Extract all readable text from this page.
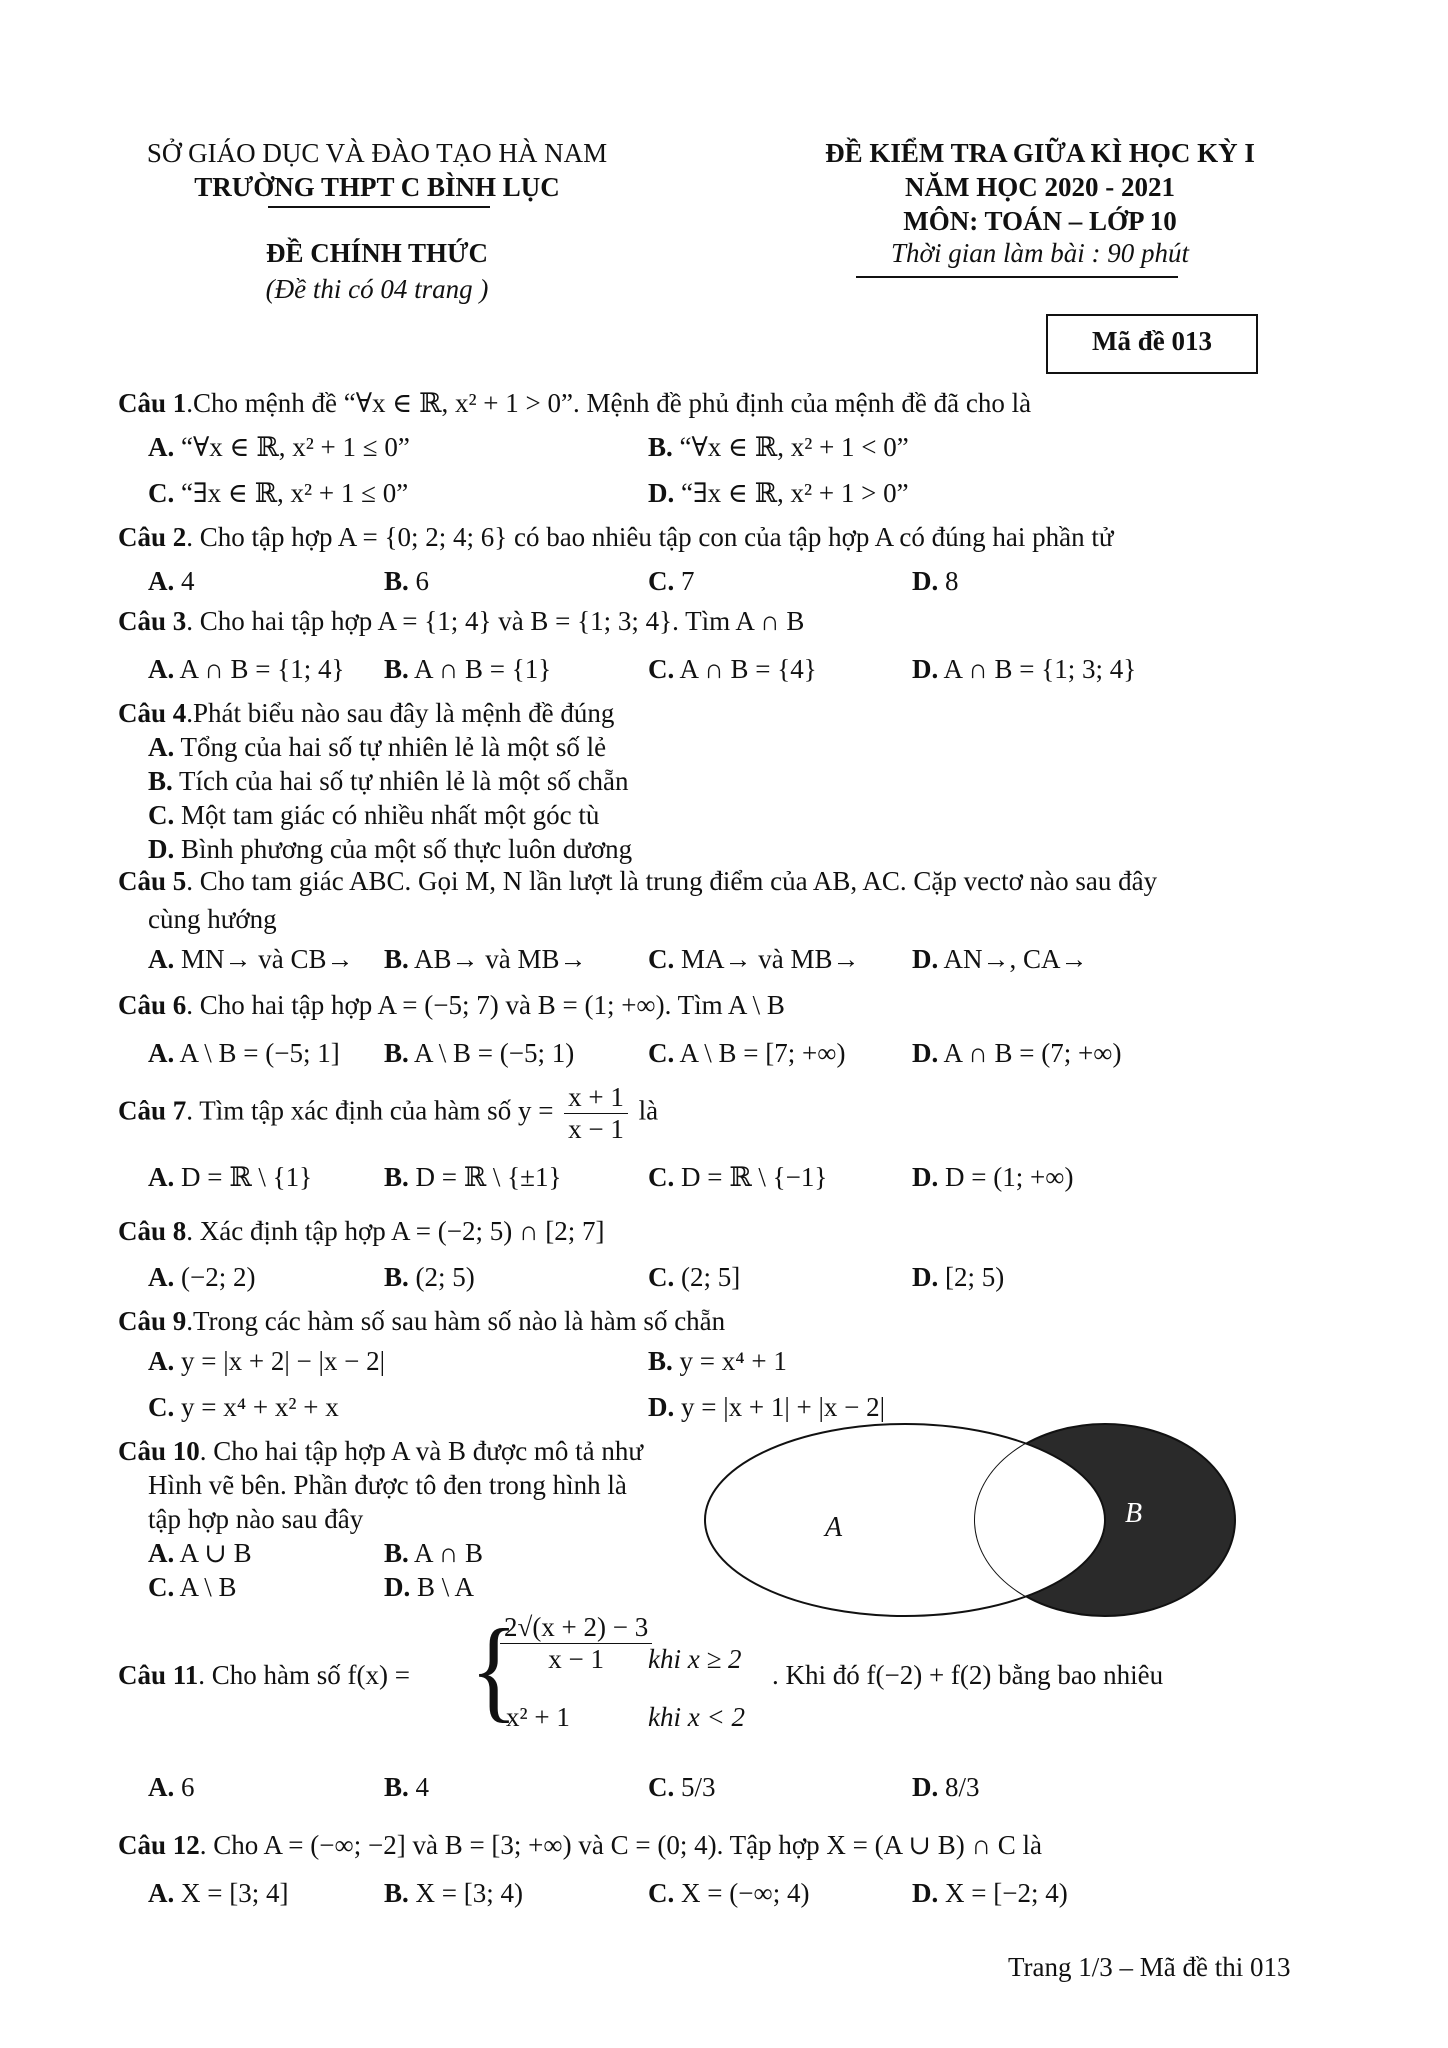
SỞ GIÁO DỤC VÀ ĐÀO TẠO HÀ NAM
TRƯỜNG THPT C BÌNH LỤC
ĐỀ CHÍNH THỨC
(Đề thi có 04 trang )
ĐỀ KIỂM TRA GIỮA KÌ HỌC KỲ I
NĂM HỌC 2020 - 2021
MÔN: TOÁN – LỚP 10
Thời gian làm bài : 90 phút
Mã đề 013
Câu 1.Cho mệnh đề “∀x ∈ ℝ, x² + 1 > 0”. Mệnh đề phủ định của mệnh đề đã cho là
A. “∀x ∈ ℝ, x² + 1 ≤ 0”	B. “∀x ∈ ℝ, x² + 1 < 0”
C. “∃x ∈ ℝ, x² + 1 ≤ 0”	D. “∃x ∈ ℝ, x² + 1 > 0”
Câu 2. Cho tập hợp A = {0; 2; 4; 6} có bao nhiêu tập con của tập hợp A có đúng hai phần tử
A. 4	B. 6	C. 7	D. 8
Câu 3. Cho hai tập hợp A = {1; 4} và B = {1; 3; 4}. Tìm A ∩ B
A. A ∩ B = {1; 4} B. A ∩ B = {1}	C. A ∩ B = {4}	D. A ∩ B = {1; 3; 4}
Câu 4.Phát biểu nào sau đây là mệnh đề đúng
A. Tổng của hai số tự nhiên lẻ là một số lẻ
B. Tích của hai số tự nhiên lẻ là một số chẵn
C. Một tam giác có nhiều nhất một góc tù
D. Bình phương của một số thực luôn dương
Câu 5. Cho tam giác ABC. Gọi M, N lần lượt là trung điểm của AB, AC. Cặp vectơ nào sau đây
cùng hướng
A. MN→ và CB→ B. AB→ và MB→ C. MA→ và MB→ D. AN→, CA→
Câu 6. Cho hai tập hợp A = (−5; 7) và B = (1; +∞). Tìm A \ B
A. A \ B = (−5; 1] B. A \ B = (−5; 1)	C. A \ B = [7; +∞) D. A ∩ B = (7; +∞)
Câu 7. Tìm tập xác định của hàm số $y = \frac{x + 1}{x - 1}$ là
A. D = ℝ \ {1}	B. D = ℝ \ {±1}	C. D = ℝ \ {−1}	D. D = (1; +∞)
Câu 8. Xác định tập hợp A = (−2; 5) ∩ [2; 7]
A. (−2; 2)	B. (2; 5)	C. (2; 5]	D. [2; 5)
Câu 9.Trong các hàm số sau hàm số nào là hàm số chẵn
A. y = |x + 2| − |x − 2|	B. y = x⁴ + 1
C. y = x⁴ + x² + x	D. y = |x + 1| + |x − 2|
Câu 10. Cho hai tập hợp A và B được mô tả như
Hình vẽ bên. Phần được tô đen trong hình là
tập hợp nào sau đây
A. A ∪ B	B. A ∩ B
C. A \ B	D. B \ A
A	B
Câu 11. Cho hàm số f(x) = {
$\frac{2√(x + 2) - 3}{x - 1}$
khi x ≥ 2
x² + 1	khi x < 2
. Khi đó f(−2) + f(2) bằng bao nhiêu
A. 6	B. 4	C. 5/3	D. 8/3
Câu 12. Cho A = (−∞; −2] và B = [3; +∞) và C = (0; 4). Tập hợp X = (A ∪ B) ∩ C là
A. X = [3; 4]	B. X = [3; 4)	C. X = (−∞; 4)	D. X = [−2; 4)
Trang 1/3 – Mã đề thi 013
